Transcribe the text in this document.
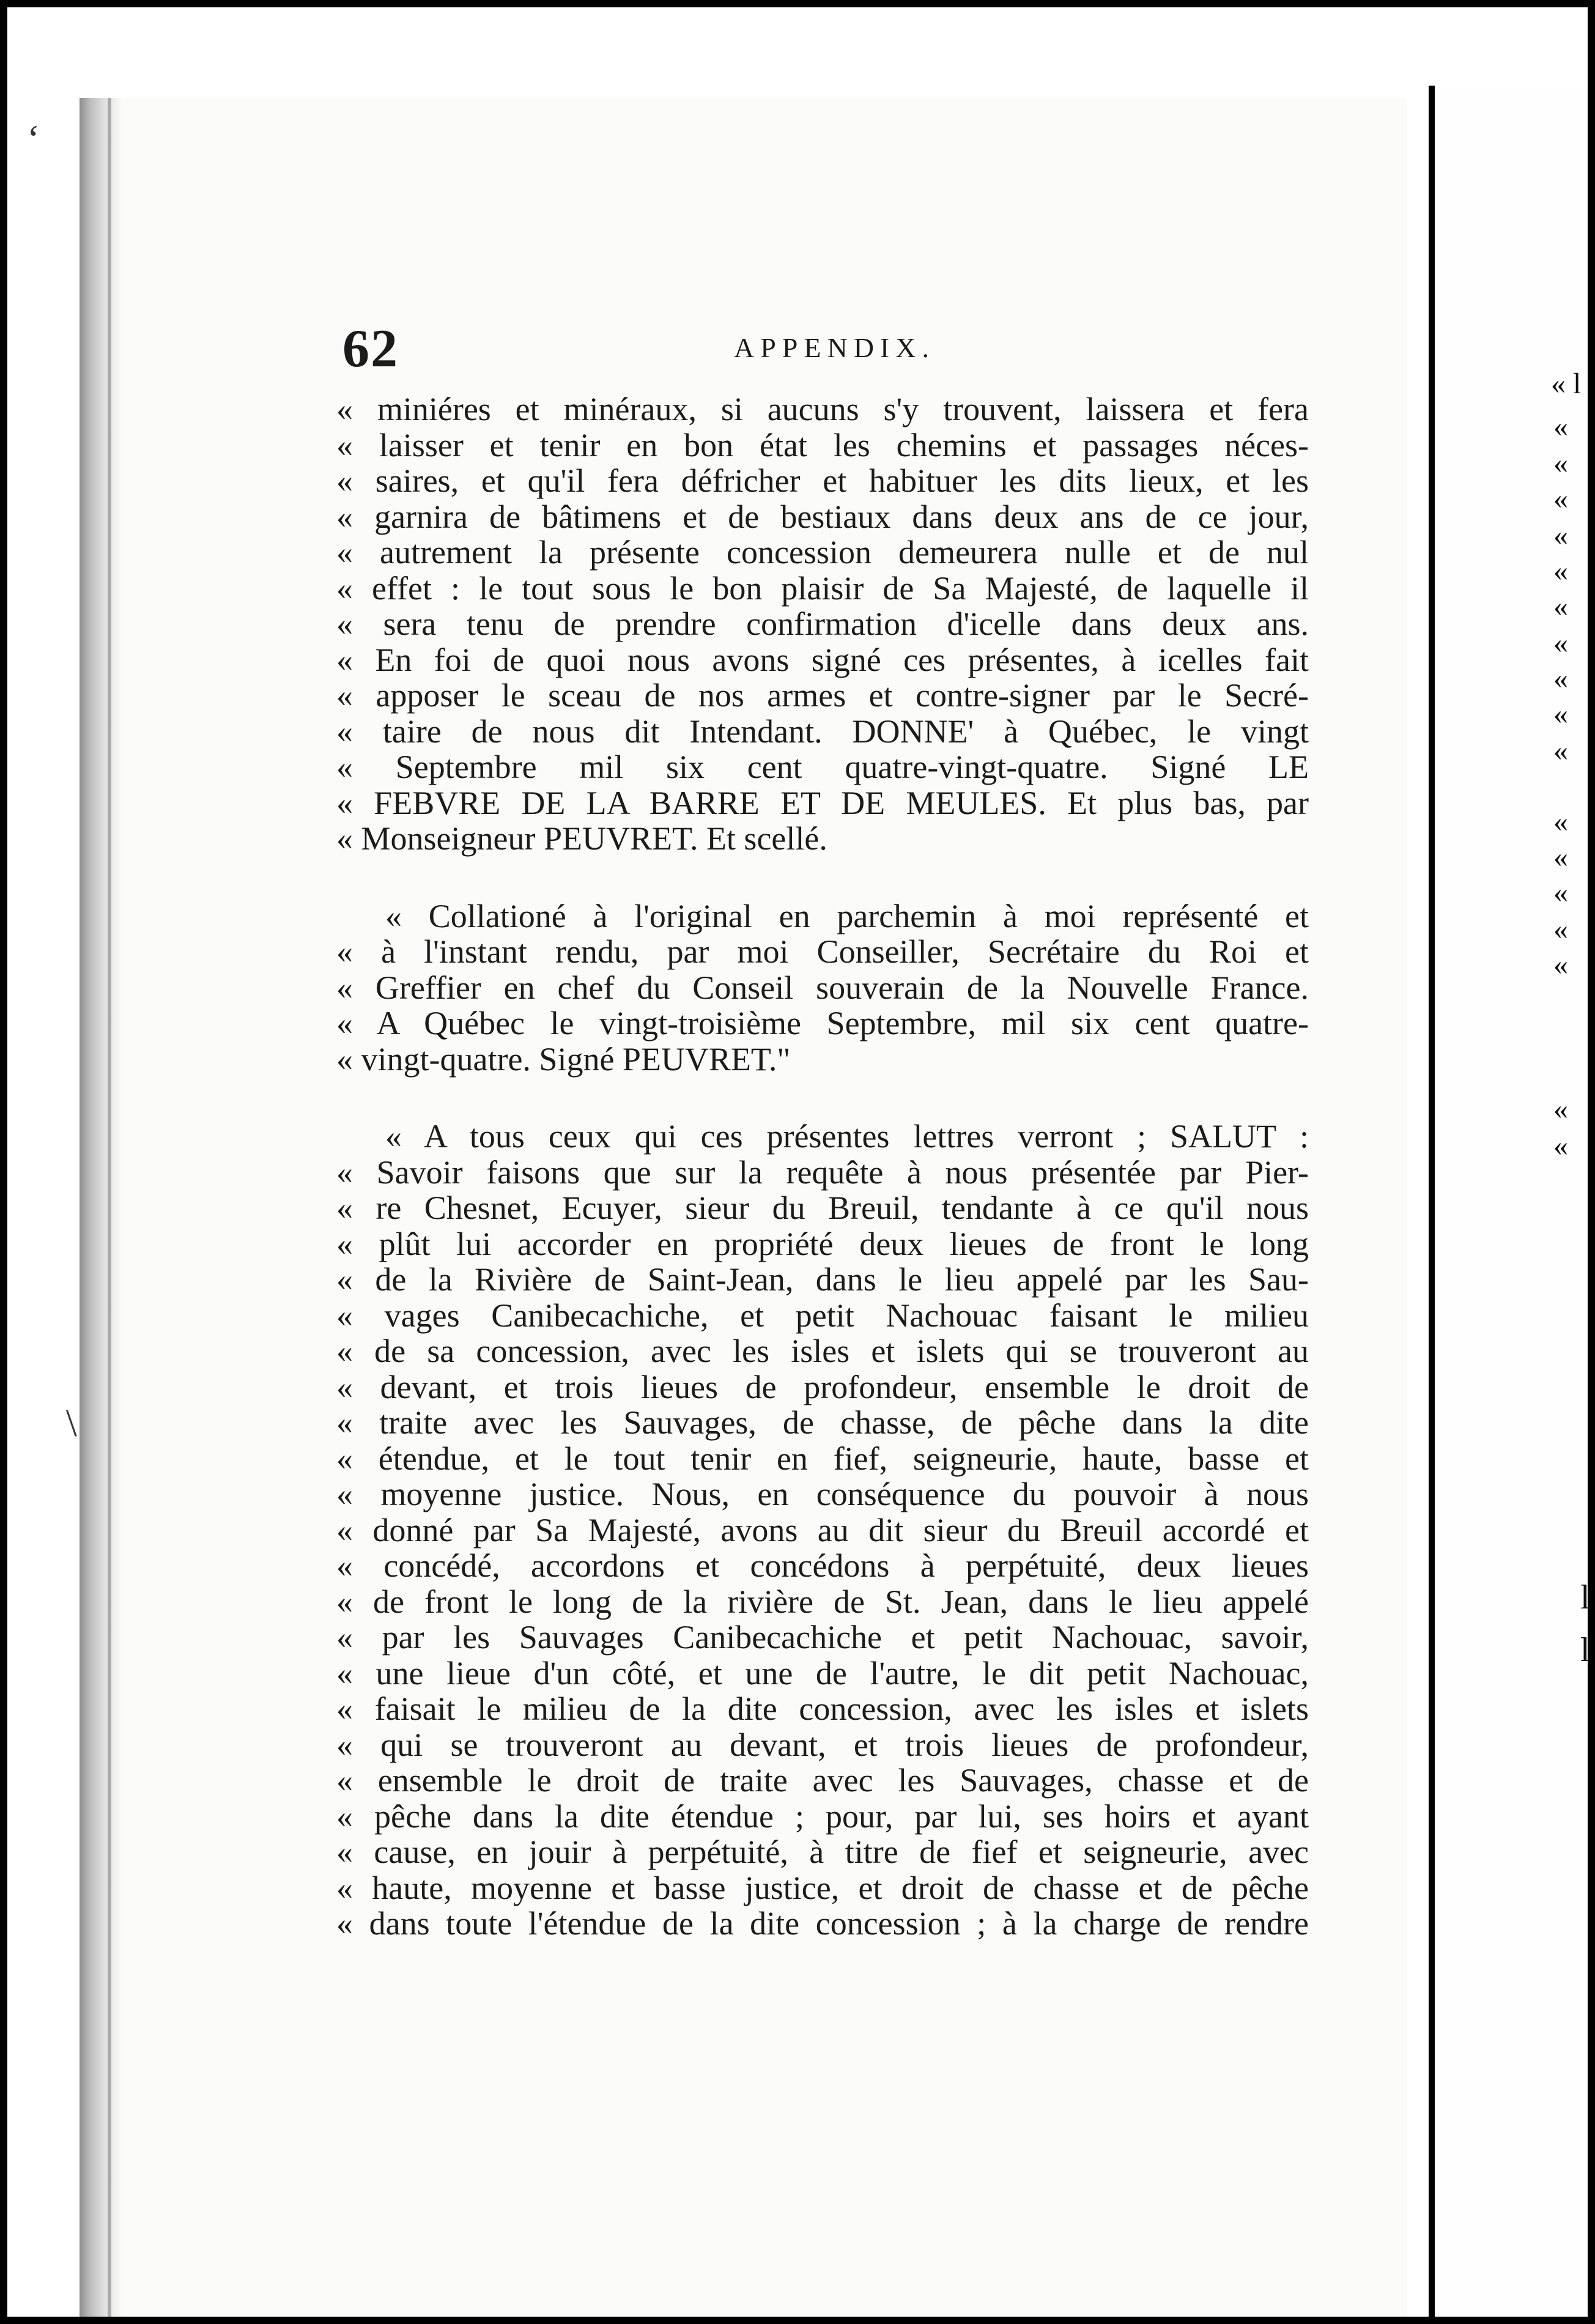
ʻ
\
62	APPENDIX.
« miniéres et minéraux, si aucuns s'y trouvent, laissera et fera
« laisser et tenir en bon état les chemins et passages néces-
« saires, et qu'il fera défricher et habituer les dits lieux, et les
« garnira de bâtimens et de bestiaux dans deux ans de ce jour,
« autrement la présente concession demeurera nulle et de nul
« effet : le tout sous le bon plaisir de Sa Majesté, de laquelle il
« sera tenu de prendre confirmation d'icelle dans deux ans.
« En foi de quoi nous avons signé ces présentes, à icelles fait
« apposer le sceau de nos armes et contre-signer par le Secré-
« taire de nous dit Intendant. DONNE' à Québec, le vingt
« Septembre mil six cent quatre-vingt-quatre. Signé LE
« FEBVRE DE LA BARRE ET DE MEULES. Et plus bas, par
« Monseigneur PEUVRET. Et scellé.
« Collationé à l'original en parchemin à moi représenté et
« à l'instant rendu, par moi Conseiller, Secrétaire du Roi et
« Greffier en chef du Conseil souverain de la Nouvelle France.
« A Québec le vingt-troisième Septembre, mil six cent quatre-
« vingt-quatre. Signé PEUVRET."
« A tous ceux qui ces présentes lettres verront ; SALUT :
« Savoir faisons que sur la requête à nous présentée par Pier-
« re Chesnet, Ecuyer, sieur du Breuil, tendante à ce qu'il nous
« plût lui accorder en propriété deux lieues de front le long
« de la Rivière de Saint-Jean, dans le lieu appelé par les Sau-
« vages Canibecachiche, et petit Nachouac faisant le milieu
« de sa concession, avec les isles et islets qui se trouveront au
« devant, et trois lieues de profondeur, ensemble le droit de
« traite avec les Sauvages, de chasse, de pêche dans la dite
« étendue, et le tout tenir en fief, seigneurie, haute, basse et
« moyenne justice. Nous, en conséquence du pouvoir à nous
« donné par Sa Majesté, avons au dit sieur du Breuil accordé et
« concédé, accordons et concédons à perpétuité, deux lieues
« de front le long de la rivière de St. Jean, dans le lieu appelé
« par les Sauvages Canibecachiche et petit Nachouac, savoir,
« une lieue d'un côté, et une de l'autre, le dit petit Nachouac,
« faisait le milieu de la dite concession, avec les isles et islets
« qui se trouveront au devant, et trois lieues de profondeur,
« ensemble le droit de traite avec les Sauvages, chasse et de
« pêche dans la dite étendue ; pour, par lui, ses hoirs et ayant
« cause, en jouir à perpétuité, à titre de fief et seigneurie, avec
« haute, moyenne et basse justice, et droit de chasse et de pêche
« dans toute l'étendue de la dite concession ; à la charge de rendre
« l
«
«
«
«
«
«
«
«
«
«
«
«
«
«
«
«
«
l
l
